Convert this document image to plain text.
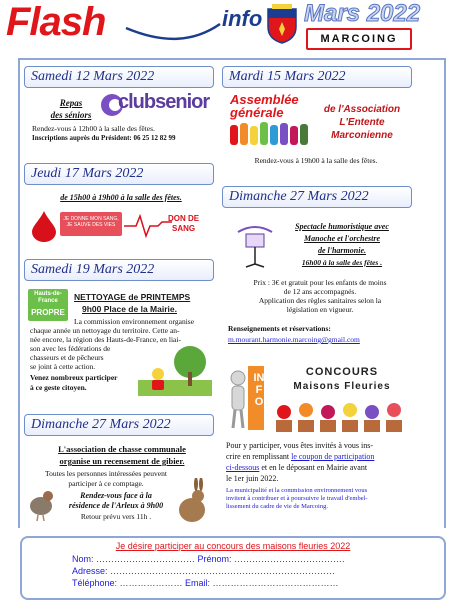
Flash	info Mars 2022
MARCOING
Samedi 12 Mars 2022
Repas
des séniors
clubsenior
Rendez-vous à 12h00 à la salle des fêtes.
Inscriptions auprès du Président: 06 25 12 82 99
Mardi 15 Mars 2022
Assemblée
générale	de l'Association
L'Entente
Marconienne
Rendez-vous à 19h00 à la salle des fêtes.
Jeudi 17 Mars 2022
de 15h00 à 19h00 à la salle des fêtes.
JE DONNE MON SANG, JE SAUVE DES VIES
DON DE
SANG
Dimanche 27 Mars 2022
Spectacle humoristique avec
Manoche et l'orchestre
de l'harmonie.
16h00 à la salle des fêtes .
Prix : 3€ et gratuit pour les enfants de moins
de 12 ans accompagnés.
Application des règles sanitaires selon la
législation en vigueur.
Renseignements et réservations:
m.mourant.harmonie.marcoing@gmail.com
Samedi 19 Mars 2022
Hauts-de-France
PROPRE
NETTOYAGE de PRINTEMPS
9h00 Place de la Mairie.
La commission environnement organise
chaque année un nettoyage du territoire. Cette an-
née encore, la région des Hauts-de-France, en liai-
son avec les fédérations de
chasseurs et de pêcheurs
se joint à cette action.
Venez nombreux participer
à ce geste citoyen.
Dimanche 27 Mars 2022
L'association de chasse communale
organise un recensement de gibier.
Toutes les personnes intéressées peuvent
participer à ce comptage.
Rendez-vous face à la
résidence de l'Arleux à 9h00
Retour prévu vers 11h .
INFO
CONCOURS
Maisons Fleuries
Pour y participer, vous êtes invités à vous ins-
crire en remplissant le coupon de participation
ci-dessous et en le déposant en Mairie avant
le 1er juin 2022.
La municipalité et la commission environnement vous
invitent à contribuer et à poursuivre le travail d'embel-
lissement du cadre de vie de Marcoing.
Je désire participer au concours des maisons fleuries 2022
Nom: …………………………… Prénom: ……………………………….
Adresse: …………………………………………………………………
Téléphone: ………………… Email: ……………………………………
